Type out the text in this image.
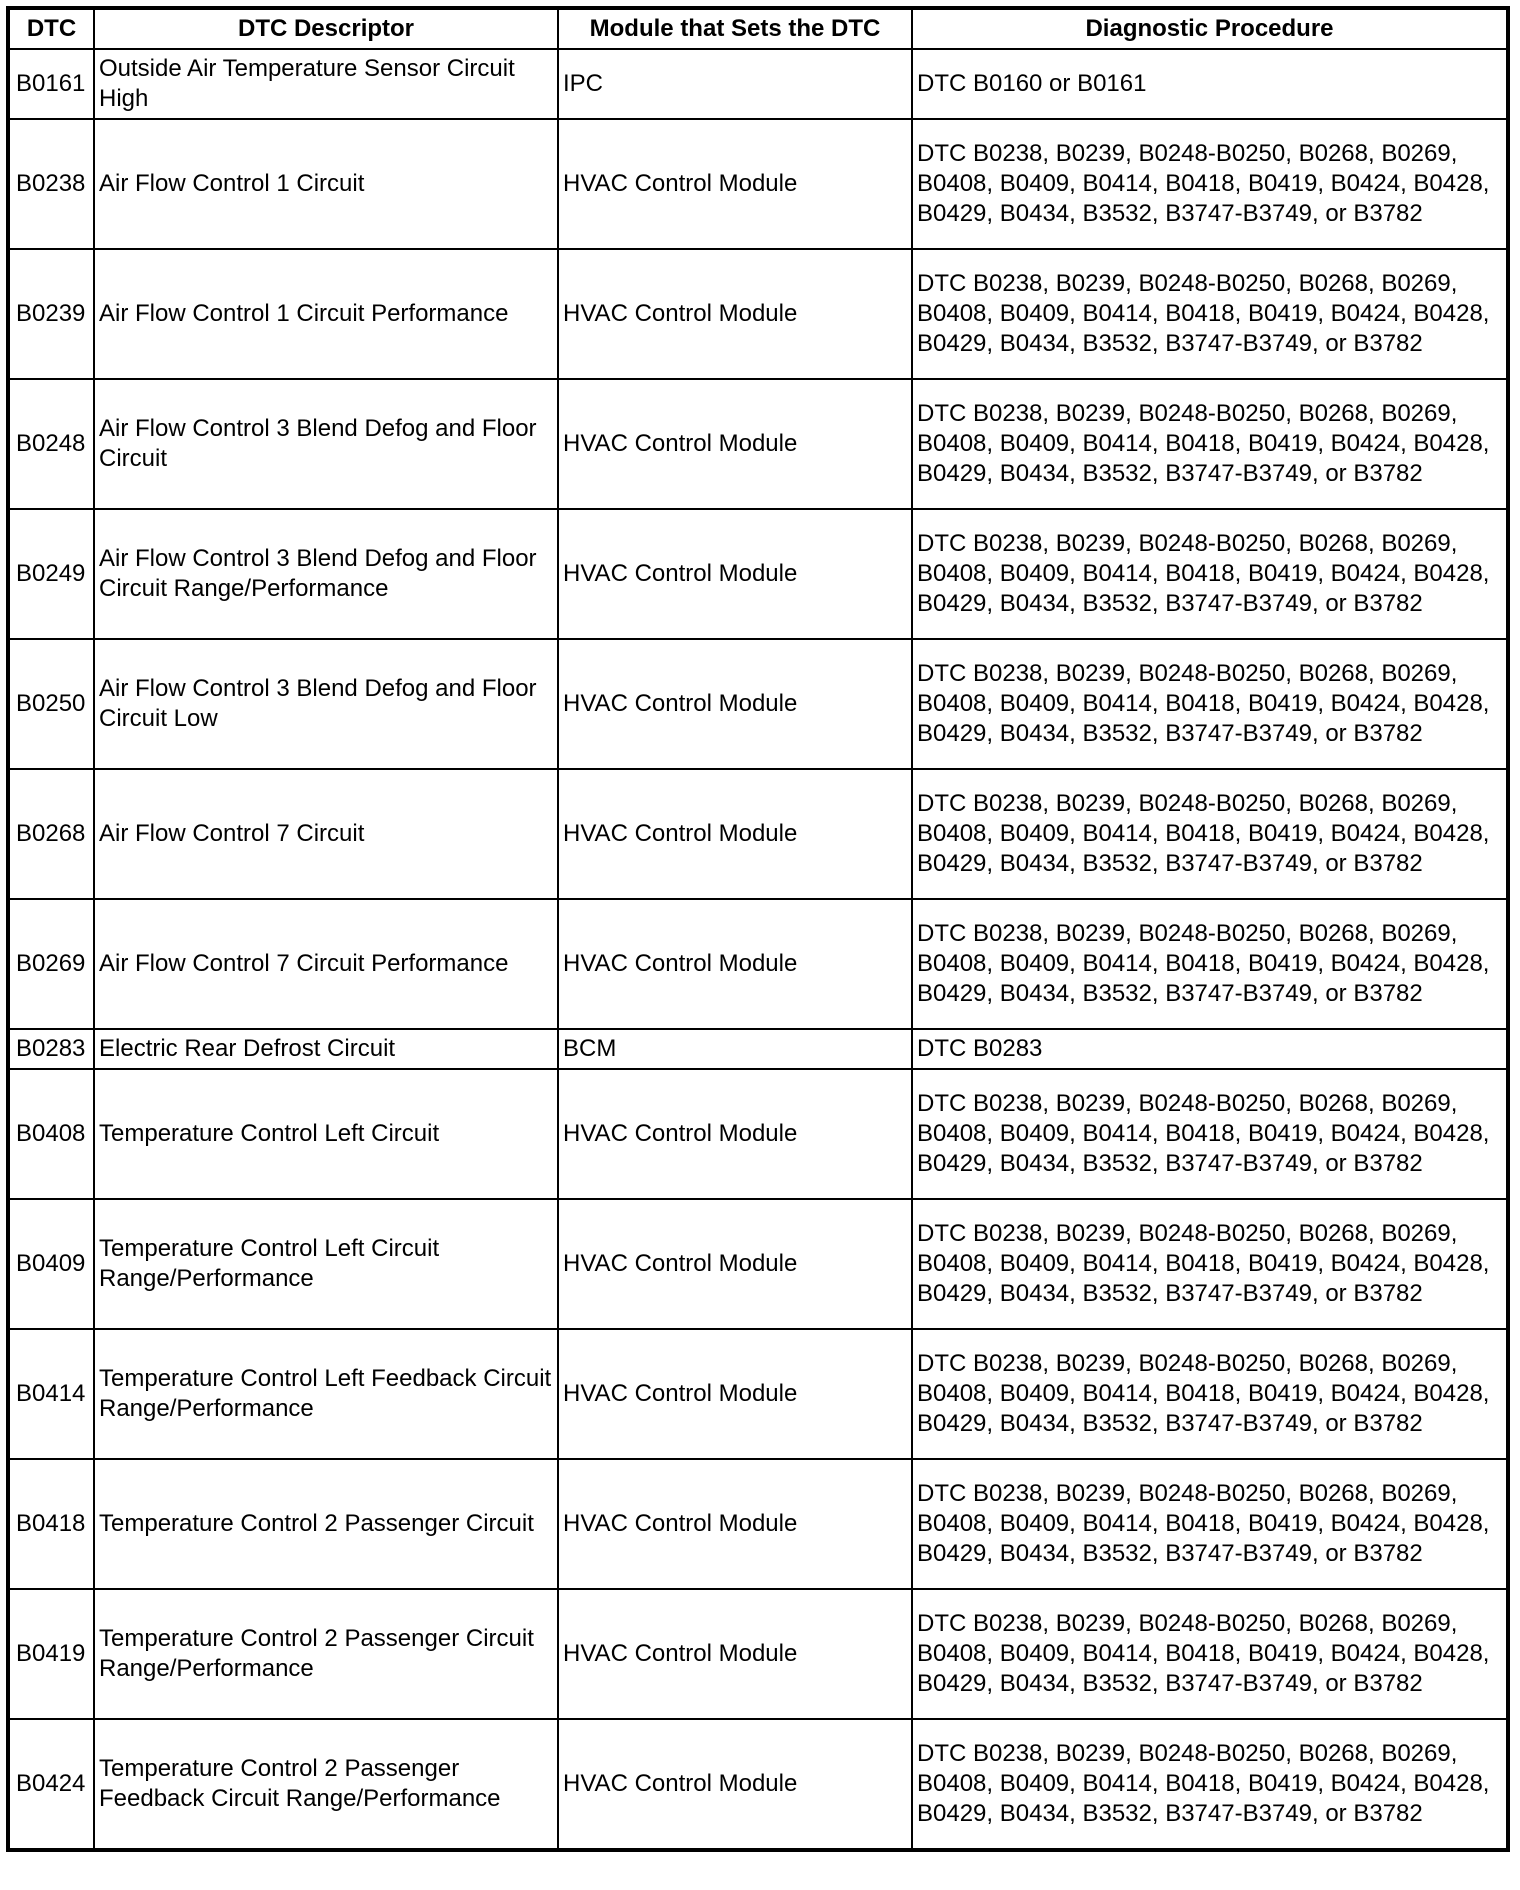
DTC	DTC Descriptor	Module that Sets the DTC	Diagnostic Procedure
B0161	Outside Air Temperature Sensor Circuit High	IPC	DTC B0160 or B0161
B0238	Air Flow Control 1 Circuit	HVAC Control Module	DTC B0238, B0239, B0248-B0250, B0268, B0269, B0408, B0409, B0414, B0418, B0419, B0424, B0428, B0429, B0434, B3532, B3747-B3749, or B3782
B0239	Air Flow Control 1 Circuit Performance	HVAC Control Module	DTC B0238, B0239, B0248-B0250, B0268, B0269, B0408, B0409, B0414, B0418, B0419, B0424, B0428, B0429, B0434, B3532, B3747-B3749, or B3782
B0248	Air Flow Control 3 Blend Defog and Floor Circuit	HVAC Control Module	DTC B0238, B0239, B0248-B0250, B0268, B0269, B0408, B0409, B0414, B0418, B0419, B0424, B0428, B0429, B0434, B3532, B3747-B3749, or B3782
B0249	Air Flow Control 3 Blend Defog and Floor Circuit Range/Performance	HVAC Control Module	DTC B0238, B0239, B0248-B0250, B0268, B0269, B0408, B0409, B0414, B0418, B0419, B0424, B0428, B0429, B0434, B3532, B3747-B3749, or B3782
B0250	Air Flow Control 3 Blend Defog and Floor Circuit Low	HVAC Control Module	DTC B0238, B0239, B0248-B0250, B0268, B0269, B0408, B0409, B0414, B0418, B0419, B0424, B0428, B0429, B0434, B3532, B3747-B3749, or B3782
B0268	Air Flow Control 7 Circuit	HVAC Control Module	DTC B0238, B0239, B0248-B0250, B0268, B0269, B0408, B0409, B0414, B0418, B0419, B0424, B0428, B0429, B0434, B3532, B3747-B3749, or B3782
B0269	Air Flow Control 7 Circuit Performance	HVAC Control Module	DTC B0238, B0239, B0248-B0250, B0268, B0269, B0408, B0409, B0414, B0418, B0419, B0424, B0428, B0429, B0434, B3532, B3747-B3749, or B3782
B0283	Electric Rear Defrost Circuit	BCM	DTC B0283
B0408	Temperature Control Left Circuit	HVAC Control Module	DTC B0238, B0239, B0248-B0250, B0268, B0269, B0408, B0409, B0414, B0418, B0419, B0424, B0428, B0429, B0434, B3532, B3747-B3749, or B3782
B0409	Temperature Control Left Circuit Range/Performance	HVAC Control Module	DTC B0238, B0239, B0248-B0250, B0268, B0269, B0408, B0409, B0414, B0418, B0419, B0424, B0428, B0429, B0434, B3532, B3747-B3749, or B3782
B0414	Temperature Control Left Feedback Circuit Range/Performance	HVAC Control Module	DTC B0238, B0239, B0248-B0250, B0268, B0269, B0408, B0409, B0414, B0418, B0419, B0424, B0428, B0429, B0434, B3532, B3747-B3749, or B3782
B0418	Temperature Control 2 Passenger Circuit	HVAC Control Module	DTC B0238, B0239, B0248-B0250, B0268, B0269, B0408, B0409, B0414, B0418, B0419, B0424, B0428, B0429, B0434, B3532, B3747-B3749, or B3782
B0419	Temperature Control 2 Passenger Circuit Range/Performance	HVAC Control Module	DTC B0238, B0239, B0248-B0250, B0268, B0269, B0408, B0409, B0414, B0418, B0419, B0424, B0428, B0429, B0434, B3532, B3747-B3749, or B3782
B0424	Temperature Control 2 Passenger Feedback Circuit Range/Performance	HVAC Control Module	DTC B0238, B0239, B0248-B0250, B0268, B0269, B0408, B0409, B0414, B0418, B0419, B0424, B0428, B0429, B0434, B3532, B3747-B3749, or B3782
